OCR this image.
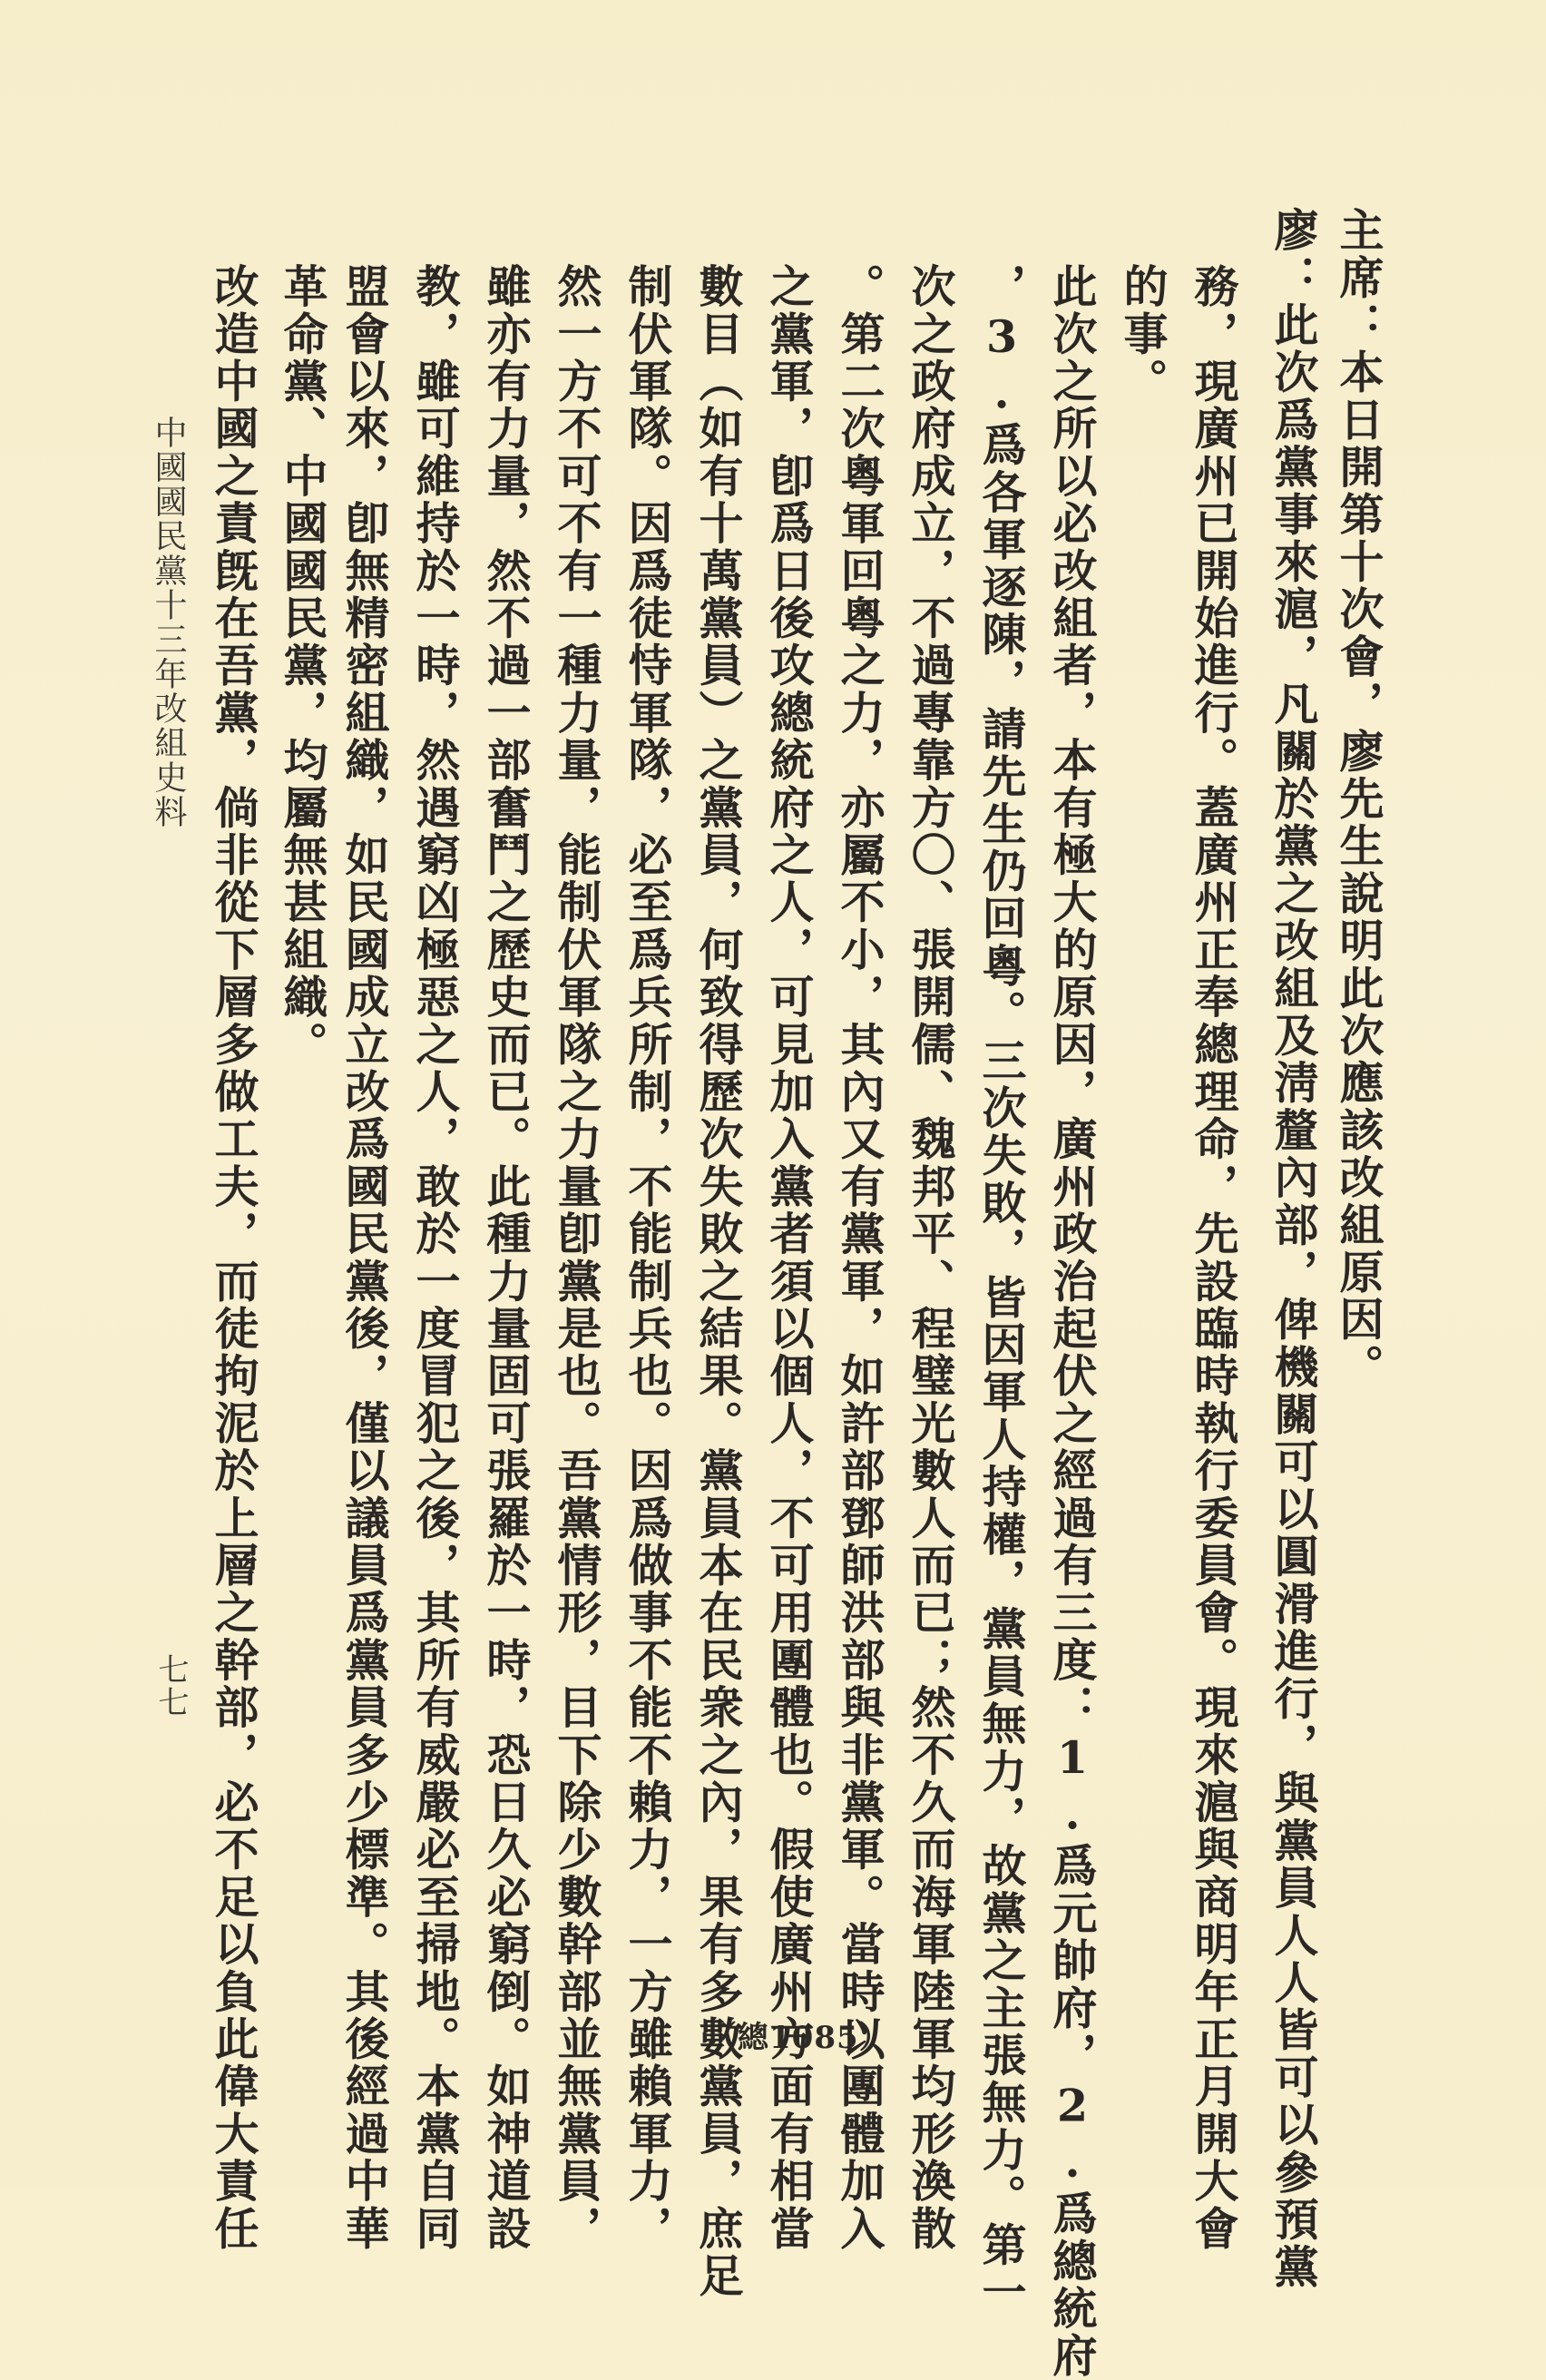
主席：本日開第十次會，廖先生說明此次應該改組原因。
廖：此次爲黨事來滬，凡關於黨之改組及淸釐內部，俾機關可以圓滑進行，與黨員人人皆可以參預黨
務，現廣州已開始進行。蓋廣州正奉總理命，先設臨時執行委員會。現來滬與商明年正月開大會
的事。
此次之所以必改組者，本有極大的原因，廣州政治起伏之經過有三度：1.爲元帥府，2.爲總統府
，3.爲各軍逐陳，請先生仍回粵。三次失敗，皆因軍人持權，黨員無力，故黨之主張無力。第一
次之政府成立，不過專靠方〇、張開儒、魏邦平、程璧光數人而已；然不久而海軍陸軍均形渙散
。第二次粵軍回粵之力，亦屬不小，其內又有黨軍，如許部鄧師洪部與非黨軍。當時以團體加入
之黨軍，卽爲日後攻總統府之人，可見加入黨者須以個人，不可用團體也。假使廣州方面有相當
數目（如有十萬黨員）之黨員，何致得歷次失敗之結果。黨員本在民衆之內，果有多數黨員，庶足
制伏軍隊。因爲徒恃軍隊，必至爲兵所制，不能制兵也。因爲做事不能不賴力，一方雖賴軍力，
然一方不可不有一種力量，能制伏軍隊之力量卽黨是也。吾黨情形，目下除少數幹部並無黨員，
雖亦有力量，然不過一部奮鬥之歷史而已。此種力量固可張羅於一時，恐日久必窮倒。如神道設
教，雖可維持於一時，然遇窮凶極惡之人，敢於一度冒犯之後，其所有威嚴必至掃地。本黨自同
盟會以來，卽無精密組織，如民國成立改爲國民黨後，僅以議員爲黨員多少標準。其後經過中華
革命黨、中國國民黨，均屬無甚組織。
改造中國之責旣在吾黨，倘非從下層多做工夫，而徒拘泥於上層之幹部，必不足以負此偉大責任
中國國民黨十三年改組史料
七七
（總1085）
